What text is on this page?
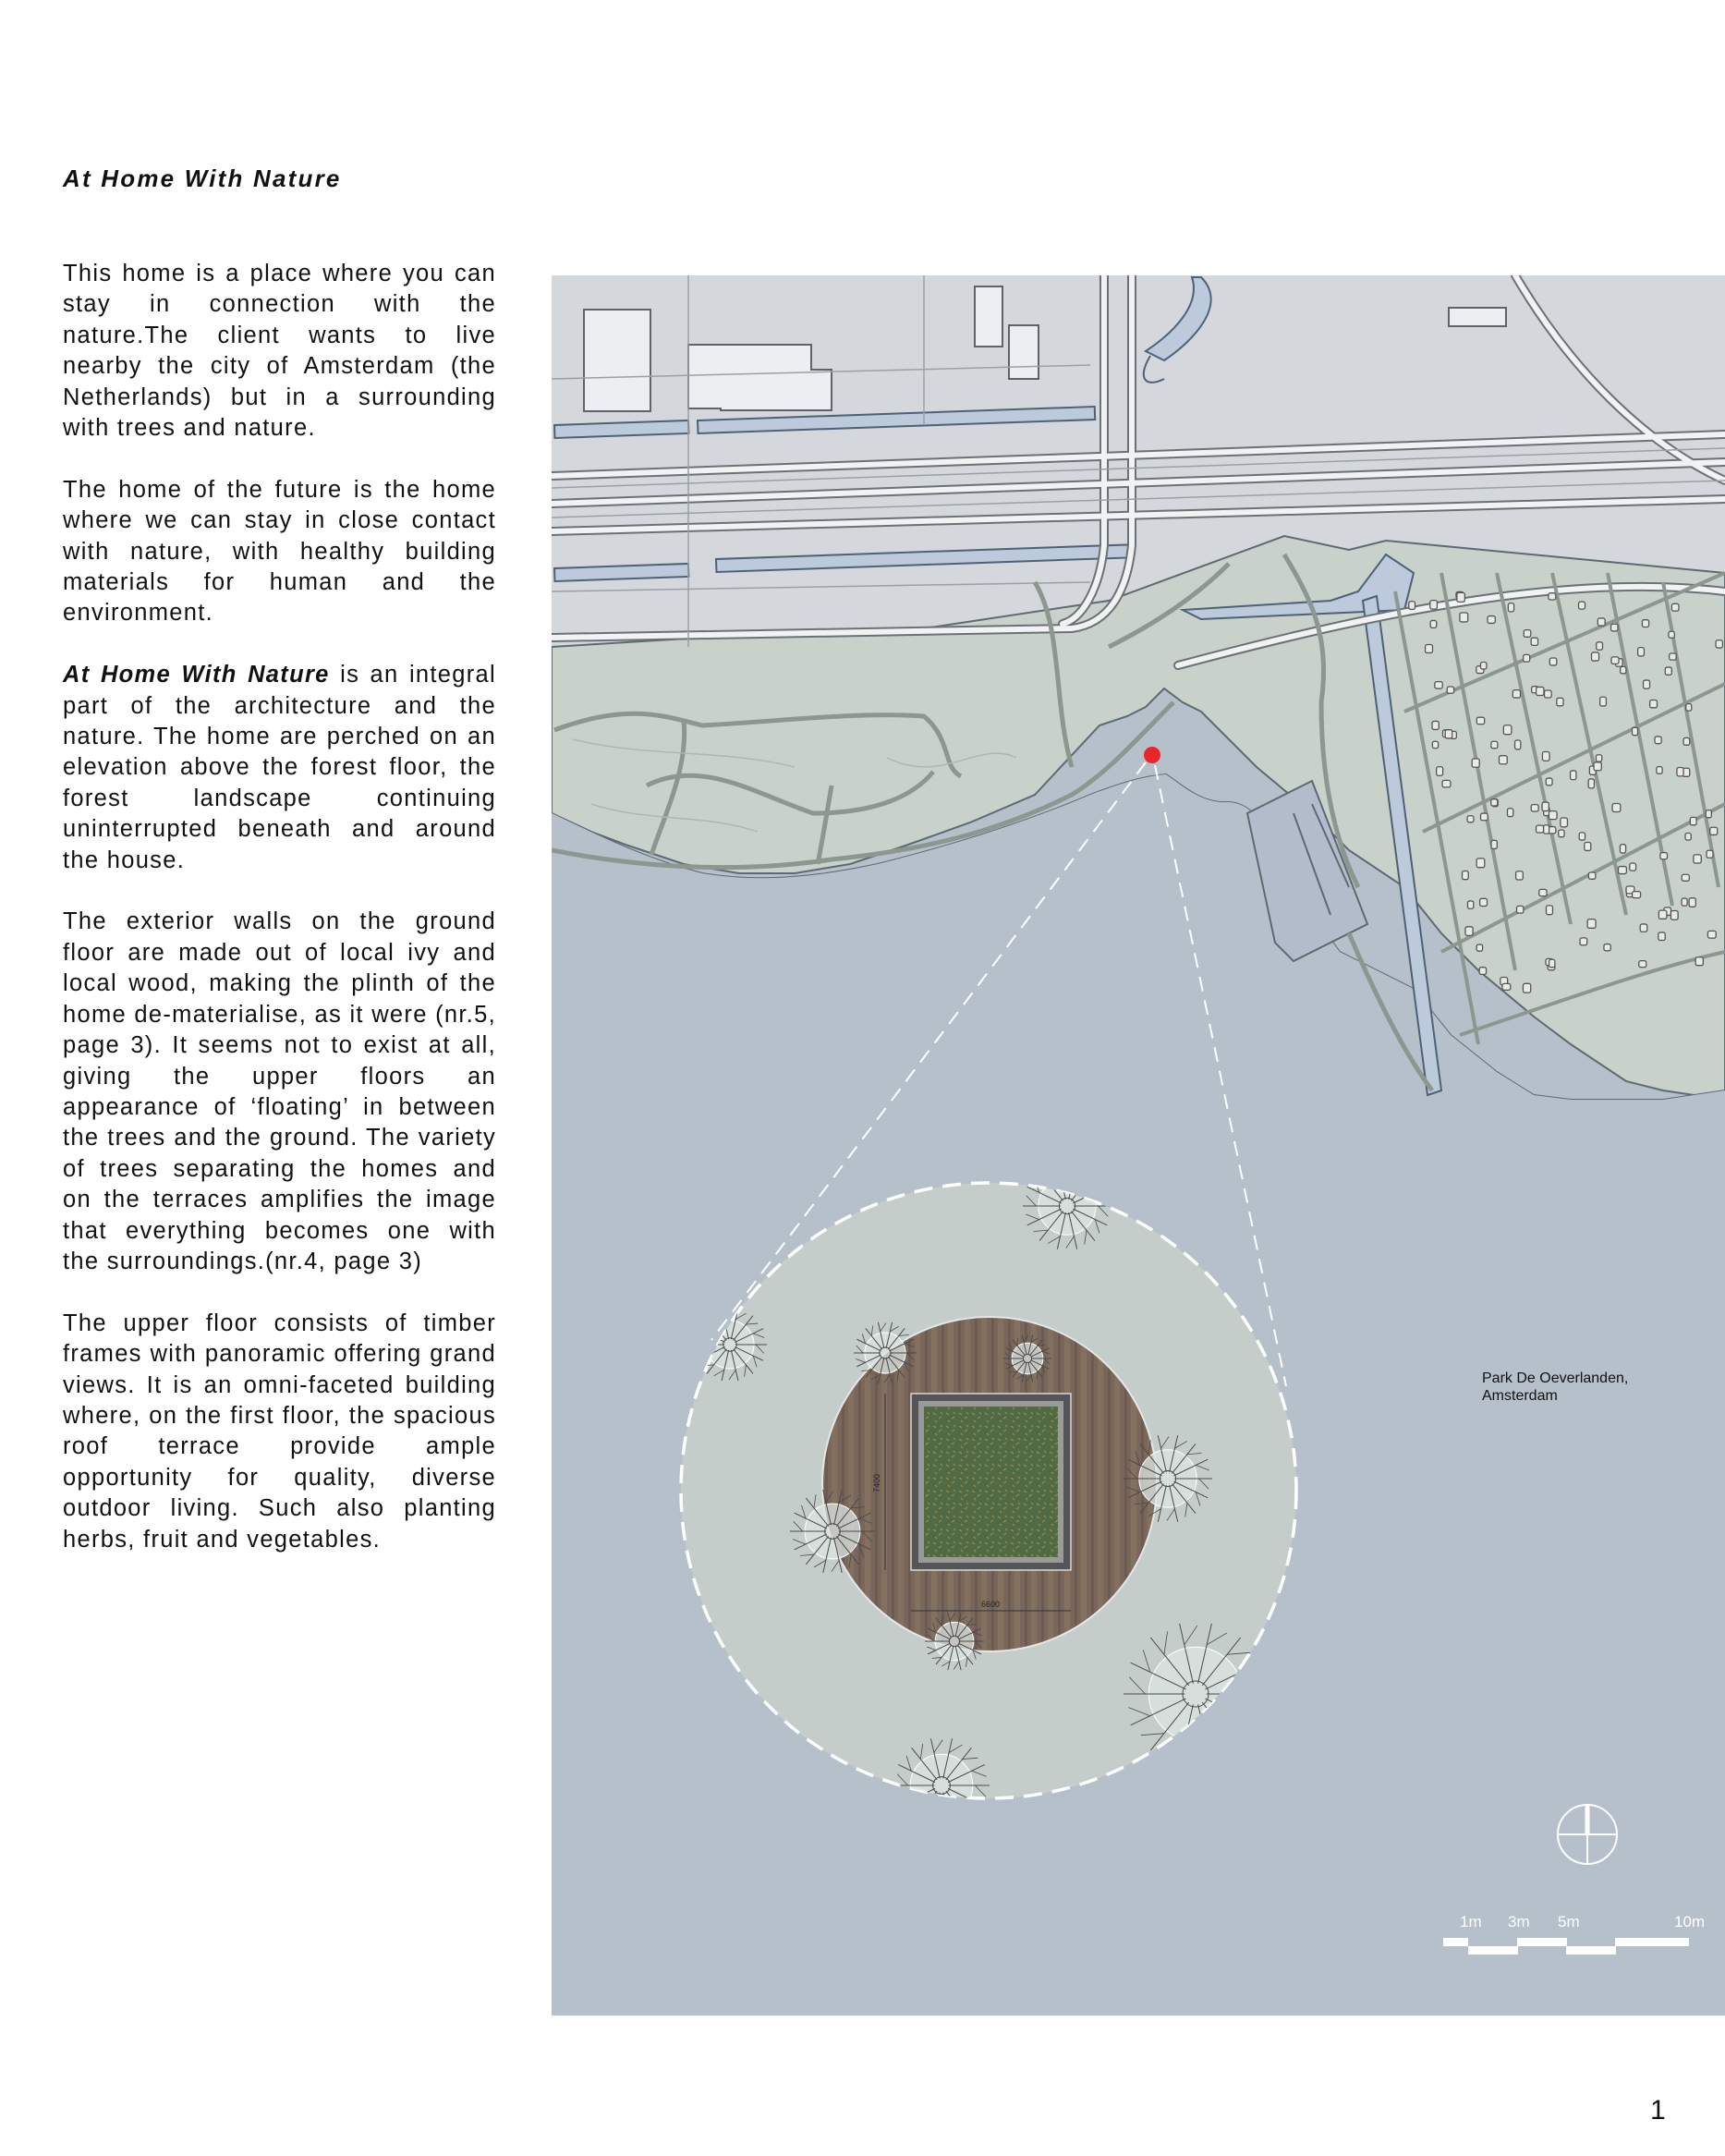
At Home With Nature

This home is a place where you can stay in connection with the nature.The client wants to live nearby the city of Amsterdam (the Netherlands) but in a surrounding with trees and nature.

The home of the future is the home where we can stay in close contact with nature, with healthy building materials for human and the environment.

At Home With Nature is an integral part of the architecture and the nature. The home are perched on an elevation above the forest floor, the forest landscape continuing uninterrupted beneath and around the house.

The exterior walls on the ground floor are made out of local ivy and local wood, making the plinth of the home de-materialise, as it were (nr.5, page 3). It seems not to exist at all, giving the upper floors an appearance of ‘floating’ in between the trees and the ground. The variety of trees separating the homes and on the terraces amplifies the image that everything becomes one with the surroundings.(nr.4, page 3)

The upper floor consists of timber frames with panoramic offering grand views. It is an omni-faceted building where, on the first floor, the spacious roof terrace provide ample opportunity for quality, diverse outdoor living. Such also planting herbs, fruit and vegetables.

7400
6600
Park De Oeverlanden,
Amsterdam
1m 3m 5m	10m
1
